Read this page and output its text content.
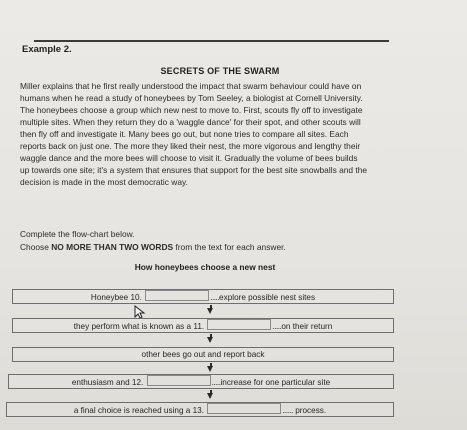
Example 2.
SECRETS OF THE SWARM
Miller explains that he first really understood the impact that swarm behaviour could have on
humans when he read a study of honeybees by Tom Seeley, a biologist at Cornell University.
The honeybees choose a group which new nest to move to. First, scouts fly off to investigate
multiple sites. When they return they do a 'waggle dance' for their spot, and other scouts will
then fly off and investigate it. Many bees go out, but none tries to compare all sites. Each
reports back on just one. The more they liked their nest, the more vigorous and lengthy their
waggle dance and the more bees will choose to visit it. Gradually the volume of bees builds
up towards one site; it's a system that ensures that support for the best site snowballs and the
decision is made in the most democratic way.
Complete the flow-chart below.
Choose NO MORE THAN TWO WORDS from the text for each answer.
How honeybees choose a new nest
Honeybee 10.	.....explore possible nest sites
they perform what is known as a 11.	.....on their return
other bees go out and report back
enthusiasm and 12.	.....increase for one particular site
a final choice is reached using a 13.	...... process.
